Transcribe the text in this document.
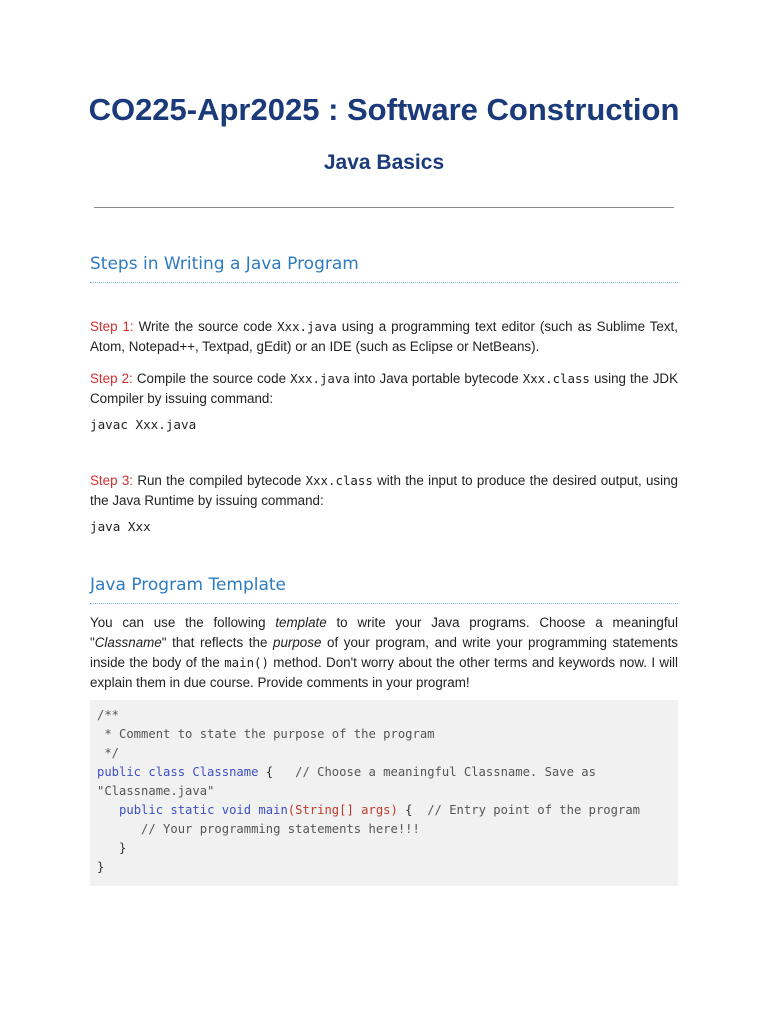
CO225-Apr2025 : Software Construction
Java Basics
Steps in Writing a Java Program

Step 1: Write the source code Xxx.java using a programming text editor (such as Sublime Text, Atom, Notepad++, Textpad, gEdit) or an IDE (such as Eclipse or NetBeans).

Step 2: Compile the source code Xxx.java into Java portable bytecode Xxx.class using the JDK Compiler by issuing command:

javac Xxx.java

Step 3: Run the compiled bytecode Xxx.class with the input to produce the desired output, using the Java Runtime by issuing command:

java Xxx

Java Program Template

You can use the following template to write your Java programs. Choose a meaningful "Classname" that reflects the purpose of your program, and write your programming statements inside the body of the main() method. Don't worry about the other terms and keywords now. I will explain them in due course. Provide comments in your program!

/**
* Comment to state the purpose of the program
*/
public class Classname {   // Choose a meaningful Classname. Save as
"Classname.java"
public static void main(String[] args) {  // Entry point of the program
// Your programming statements here!!!
}
}
